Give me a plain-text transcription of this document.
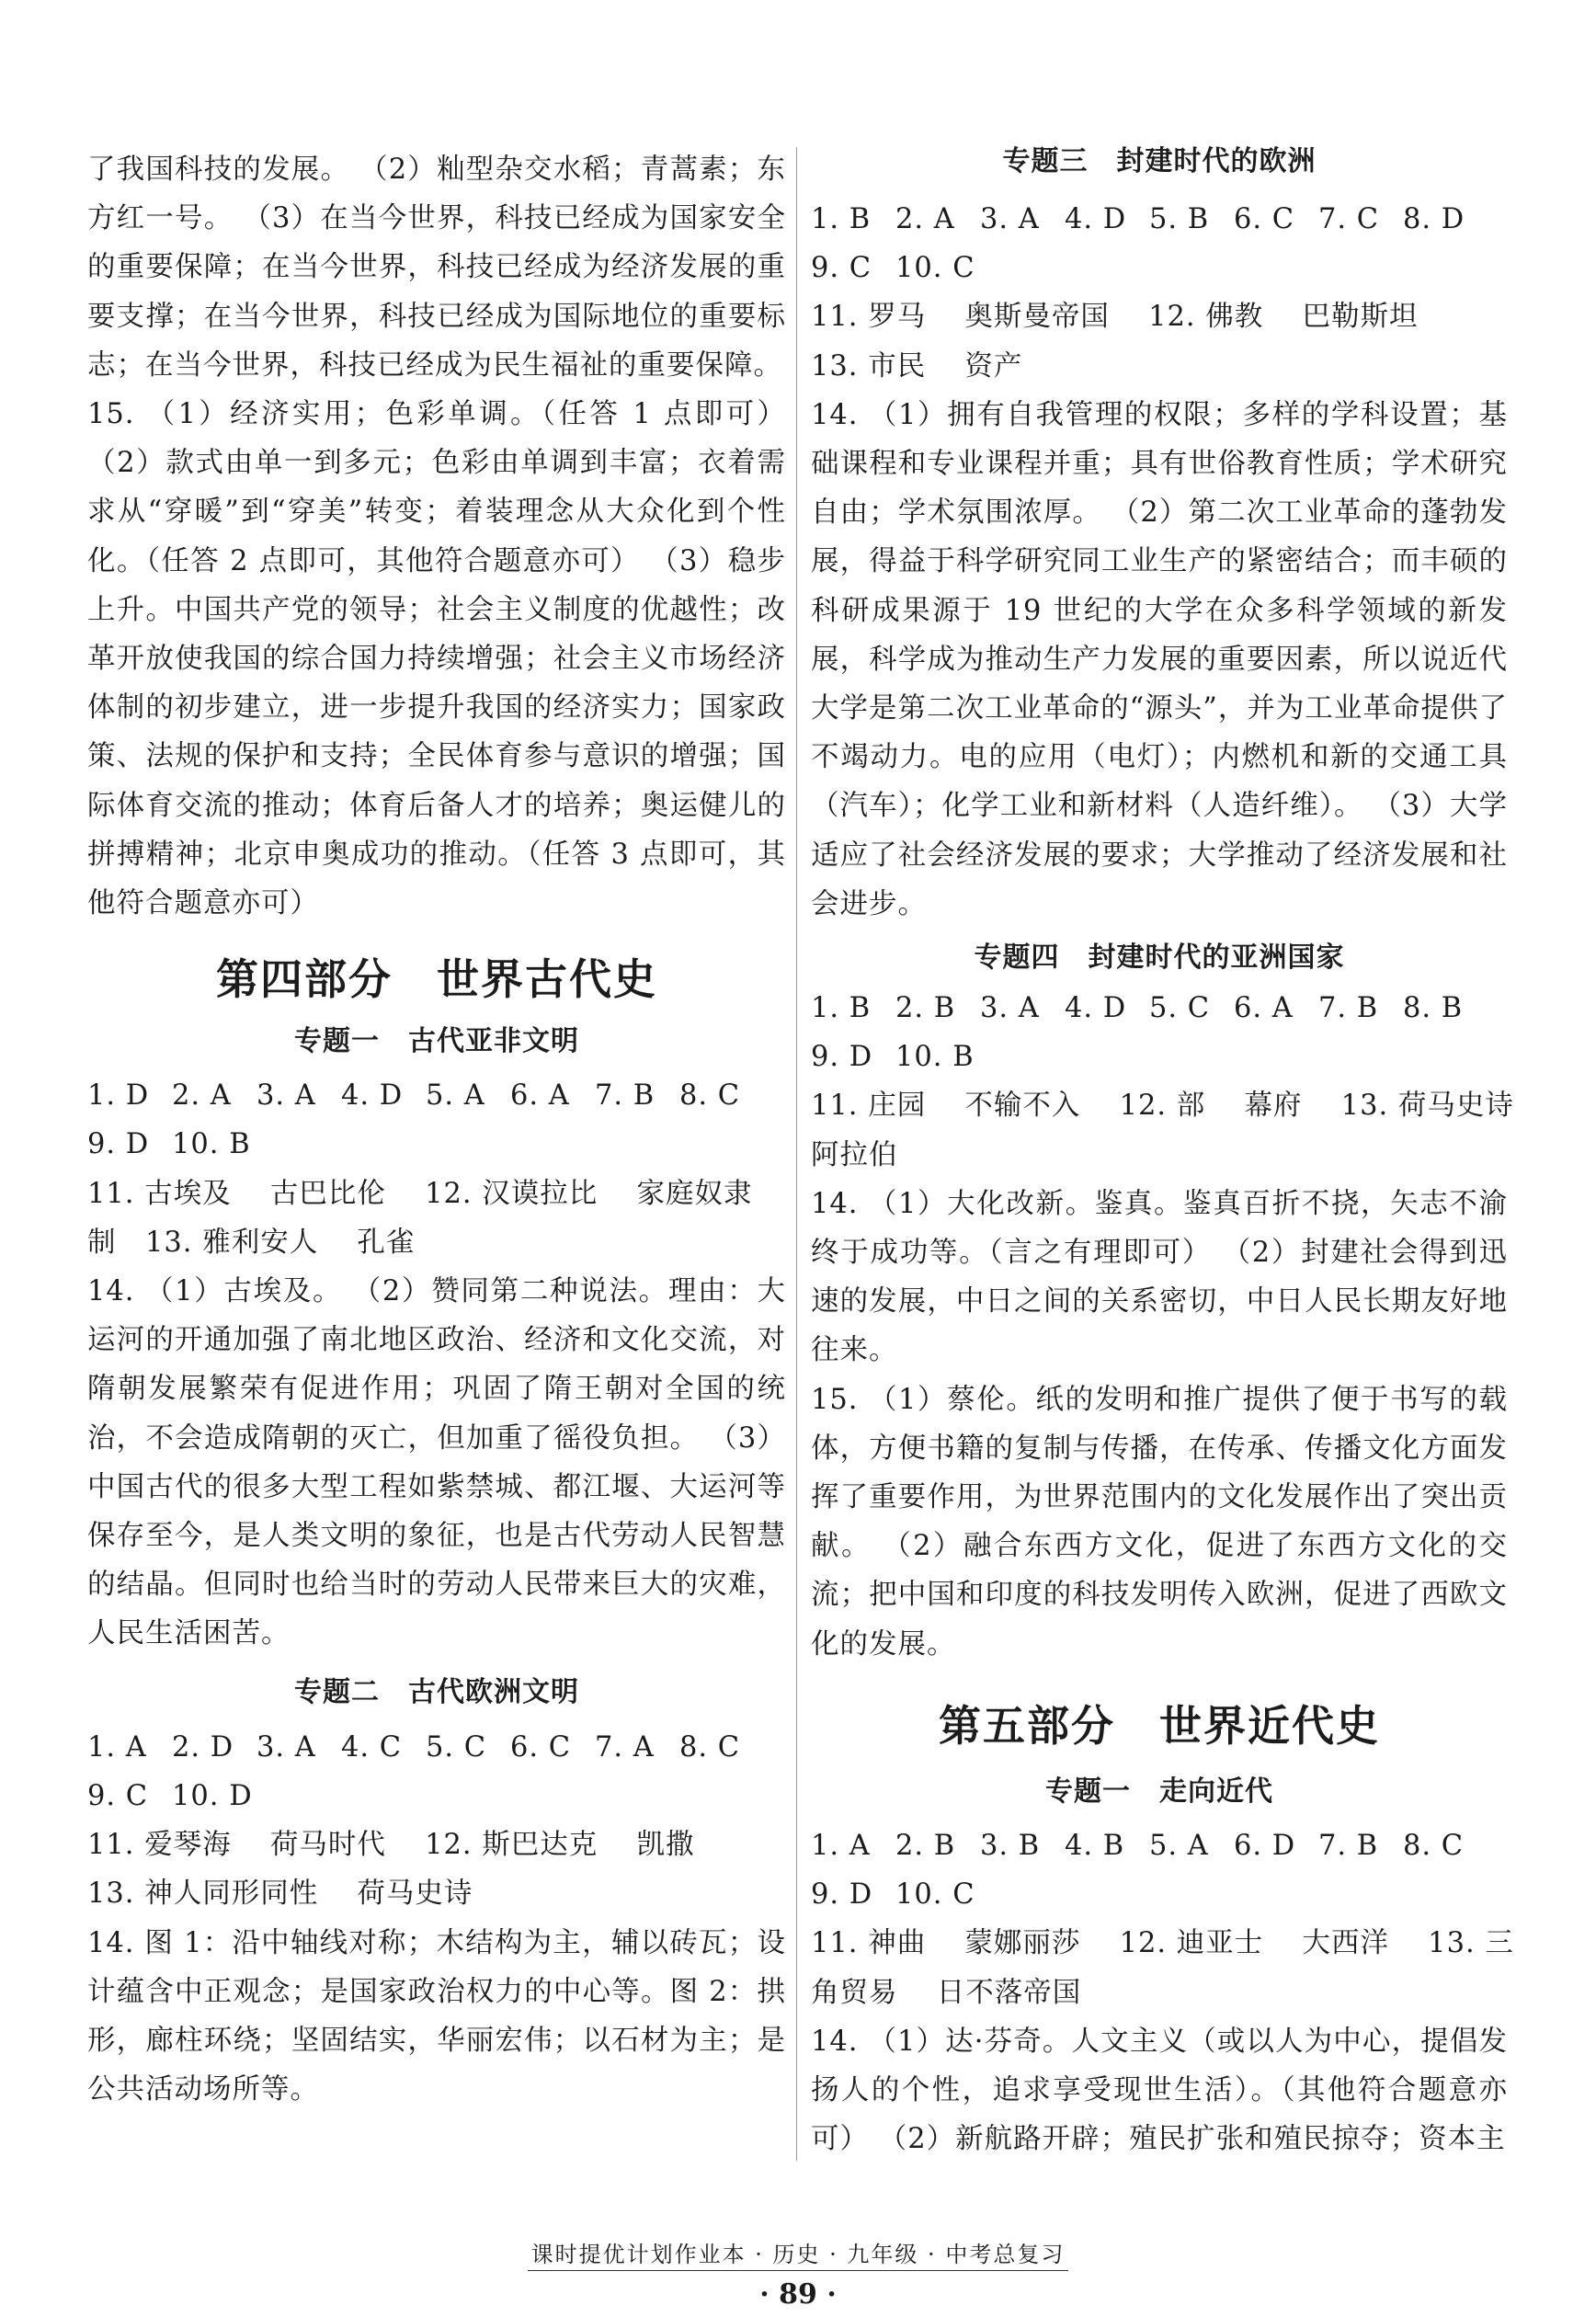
了我国科技的发展。 （2）籼型杂交水稻；青蒿素；东方红一号。 （3）在当今世界，科技已经成为国家安全的重要保障；在当今世界，科技已经成为经济发展的重要支撑；在当今世界，科技已经成为国际地位的重要标志；在当今世界，科技已经成为民生福祉的重要保障。

15. （1）经济实用；色彩单调。（任答 1 点即可） （2）款式由单一到多元；色彩由单调到丰富；衣着需求从“穿暖”到“穿美”转变；着装理念从大众化到个性化。（任答 2 点即可，其他符合题意亦可） （3）稳步上升。中国共产党的领导；社会主义制度的优越性；改革开放使我国的综合国力持续增强；社会主义市场经济体制的初步建立，进一步提升我国的经济实力；国家政策、法规的保护和支持；全民体育参与意识的增强；国际体育交流的推动；体育后备人才的培养；奥运健儿的拼搏精神；北京申奥成功的推动。（任答 3 点即可，其他符合题意亦可）

第四部分　世界古代史
专题一　古代亚非文明
1. D 2. A 3. A 4. D 5. A 6. A 7. B 8. C
9. D 10. B
11. 古埃及　 古巴比伦　 12. 汉谟拉比　 家庭奴隶
制　13. 雅利安人　 孔雀

14. （1）古埃及。 （2）赞同第二种说法。理由：大运河的开通加强了南北地区政治、经济和文化交流，对隋朝发展繁荣有促进作用；巩固了隋王朝对全国的统治，不会造成隋朝的灭亡，但加重了徭役负担。 （3）中国古代的很多大型工程如紫禁城、都江堰、大运河等保存至今，是人类文明的象征，也是古代劳动人民智慧的结晶。但同时也给当时的劳动人民带来巨大的灾难，人民生活困苦。

专题二　古代欧洲文明
1. A 2. D 3. A 4. C 5. C 6. C 7. A 8. C
9. C 10. D
11. 爱琴海　 荷马时代　 12. 斯巴达克　 凯撒
13. 神人同形同性　 荷马史诗

14. 图 1：沿中轴线对称；木结构为主，辅以砖瓦；设计蕴含中正观念；是国家政治权力的中心等。图 2：拱形，廊柱环绕；坚固结实，华丽宏伟；以石材为主；是公共活动场所等。

专题三　封建时代的欧洲
1. B 2. A 3. A 4. D 5. B 6. C 7. C 8. D
9. C 10. C
11. 罗马　 奥斯曼帝国　 12. 佛教　 巴勒斯坦
13. 市民　 资产

14. （1）拥有自我管理的权限；多样的学科设置；基础课程和专业课程并重；具有世俗教育性质；学术研究自由；学术氛围浓厚。 （2）第二次工业革命的蓬勃发展，得益于科学研究同工业生产的紧密结合；而丰硕的科研成果源于 19 世纪的大学在众多科学领域的新发展，科学成为推动生产力发展的重要因素，所以说近代大学是第二次工业革命的“源头”，并为工业革命提供了不竭动力。电的应用（电灯）；内燃机和新的交通工具（汽车）；化学工业和新材料（人造纤维）。 （3）大学适应了社会经济发展的要求；大学推动了经济发展和社会进步。

专题四　封建时代的亚洲国家
1. B 2. B 3. A 4. D 5. C 6. A 7. B 8. B
9. D 10. B
11. 庄园　 不输不入　 12. 部　 幕府　 13. 荷马史诗
阿拉伯

14. （1）大化改新。鉴真。鉴真百折不挠，矢志不渝终于成功等。（言之有理即可） （2）封建社会得到迅速的发展，中日之间的关系密切，中日人民长期友好地往来。

15. （1）蔡伦。纸的发明和推广提供了便于书写的载体，方便书籍的复制与传播，在传承、传播文化方面发挥了重要作用，为世界范围内的文化发展作出了突出贡献。 （2）融合东西方文化，促进了东西方文化的交流；把中国和印度的科技发明传入欧洲，促进了西欧文化的发展。

第五部分　世界近代史
专题一　走向近代
1. A 2. B 3. B 4. B 5. A 6. D 7. B 8. C
9. D 10. C
11. 神曲　 蒙娜丽莎　 12. 迪亚士　 大西洋　 13. 三
角贸易　 日不落帝国

14. （1）达·芬奇。人文主义（或以人为中心，提倡发扬人的个性，追求享受现世生活）。（其他符合题意亦可） （2）新航路开辟；殖民扩张和殖民掠夺；资本主

课时提优计划作业本 · 历史 · 九年级 · 中考总复习
· 89 ·
